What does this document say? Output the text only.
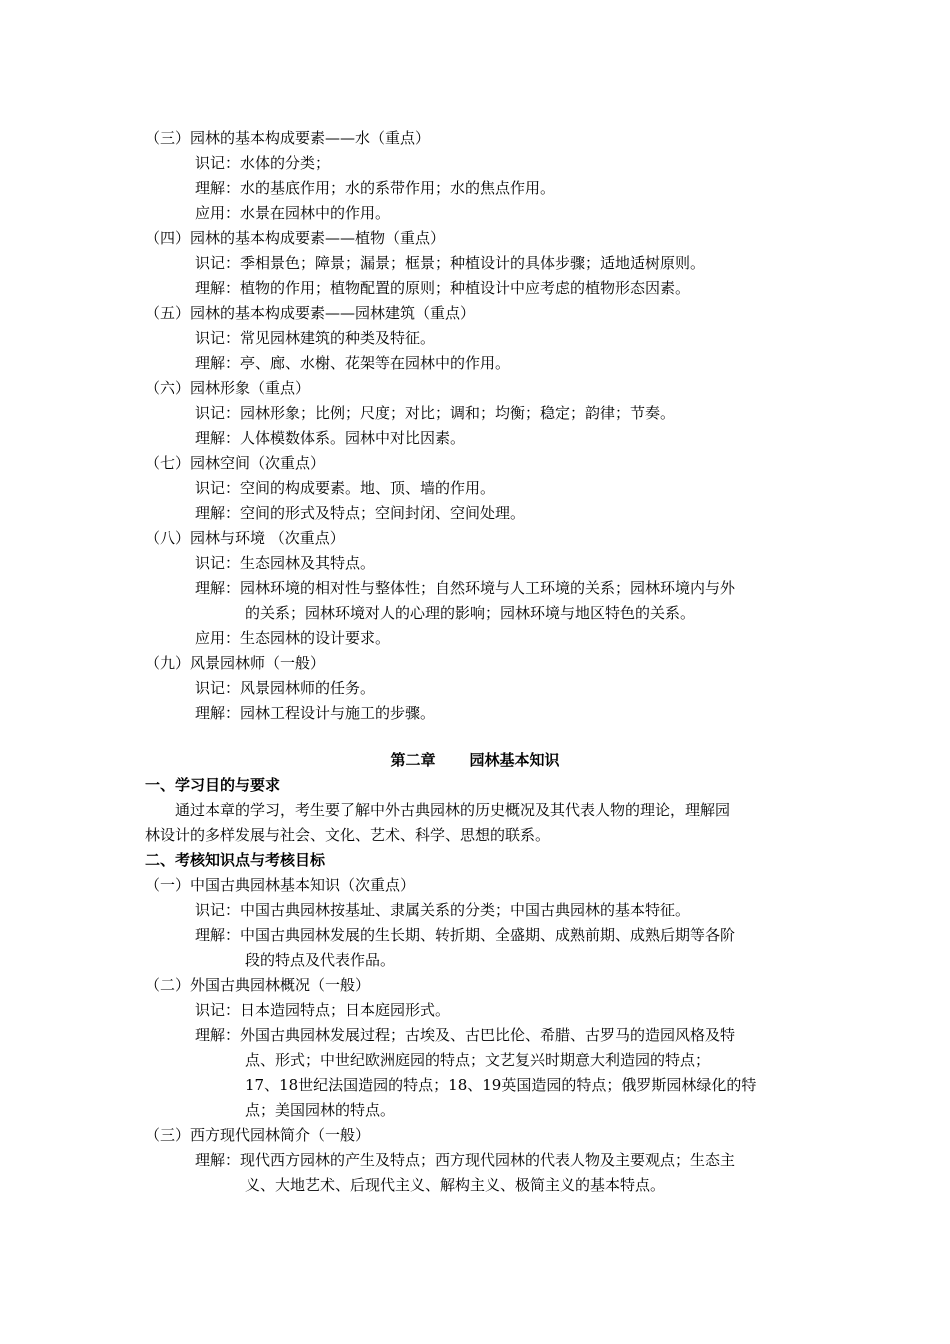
（三）园林的基本构成要素——水（重点）
识记：水体的分类；
理解：水的基底作用；水的系带作用；水的焦点作用。
应用：水景在园林中的作用。
（四）园林的基本构成要素——植物（重点）
识记：季相景色；障景；漏景；框景；种植设计的具体步骤；适地适树原则。
理解：植物的作用；植物配置的原则；种植设计中应考虑的植物形态因素。
（五）园林的基本构成要素——园林建筑（重点）
识记：常见园林建筑的种类及特征。
理解：亭、廊、水榭、花架等在园林中的作用。
（六）园林形象（重点）
识记：园林形象；比例；尺度；对比；调和；均衡；稳定；韵律；节奏。
理解：人体模数体系。园林中对比因素。
（七）园林空间（次重点）
识记：空间的构成要素。地、顶、墙的作用。
理解：空间的形式及特点；空间封闭、空间处理。
（八）园林与环境 （次重点）
识记：生态园林及其特点。
理解：园林环境的相对性与整体性；自然环境与人工环境的关系；园林环境内与外
的关系；园林环境对人的心理的影响；园林环境与地区特色的关系。
应用：生态园林的设计要求。
（九）风景园林师（一般）
识记：风景园林师的任务。
理解：园林工程设计与施工的步骤。
第二章 园林基本知识
一、学习目的与要求
通过本章的学习，考生要了解中外古典园林的历史概况及其代表人物的理论，理解园
林设计的多样发展与社会、文化、艺术、科学、思想的联系。
二、考核知识点与考核目标
（一）中国古典园林基本知识（次重点）
识记：中国古典园林按基址、隶属关系的分类；中国古典园林的基本特征。
理解：中国古典园林发展的生长期、转折期、全盛期、成熟前期、成熟后期等各阶
段的特点及代表作品。
（二）外国古典园林概况（一般）
识记：日本造园特点；日本庭园形式。
理解：外国古典园林发展过程；古埃及、古巴比伦、希腊、古罗马的造园风格及特
点、形式；中世纪欧洲庭园的特点；文艺复兴时期意大利造园的特点；
17、18世纪法国造园的特点；18、19英国造园的特点；俄罗斯园林绿化的特
点；美国园林的特点。
（三）西方现代园林简介（一般）
理解：现代西方园林的产生及特点；西方现代园林的代表人物及主要观点；生态主
义、大地艺术、后现代主义、解构主义、极简主义的基本特点。
